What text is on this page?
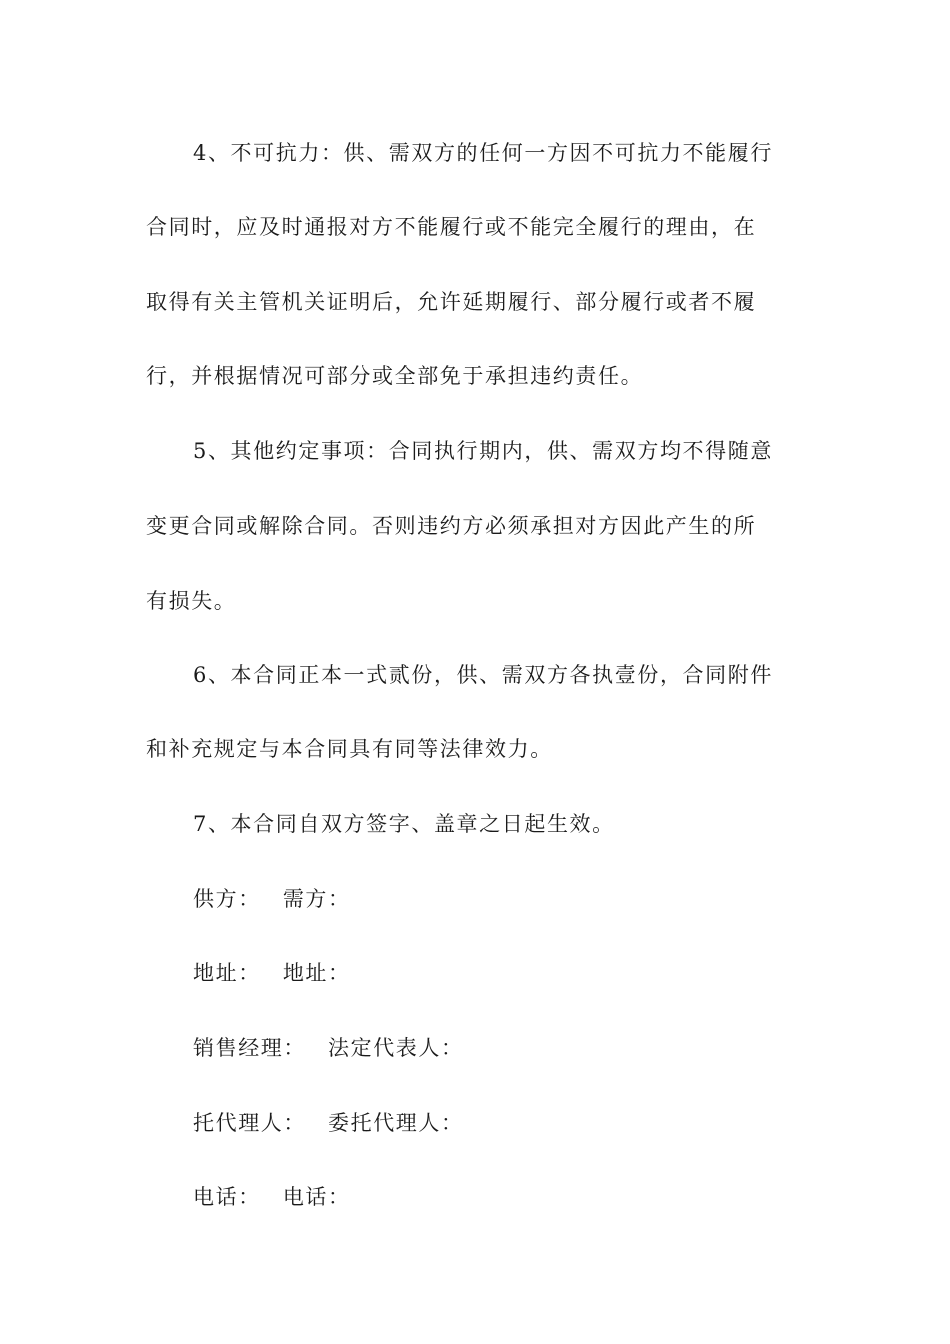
4、不可抗力：供、需双方的任何一方因不可抗力不能履行
合同时，应及时通报对方不能履行或不能完全履行的理由，在
取得有关主管机关证明后，允许延期履行、部分履行或者不履
行，并根据情况可部分或全部免于承担违约责任。
5、其他约定事项：合同执行期内，供、需双方均不得随意
变更合同或解除合同。否则违约方必须承担对方因此产生的所
有损失。
6、本合同正本一式贰份，供、需双方各执壹份，合同附件
和补充规定与本合同具有同等法律效力。
7、本合同自双方签字、盖章之日起生效。
供方： 需方：
地址： 地址：
销售经理： 法定代表人：
托代理人： 委托代理人：
电话： 电话：
